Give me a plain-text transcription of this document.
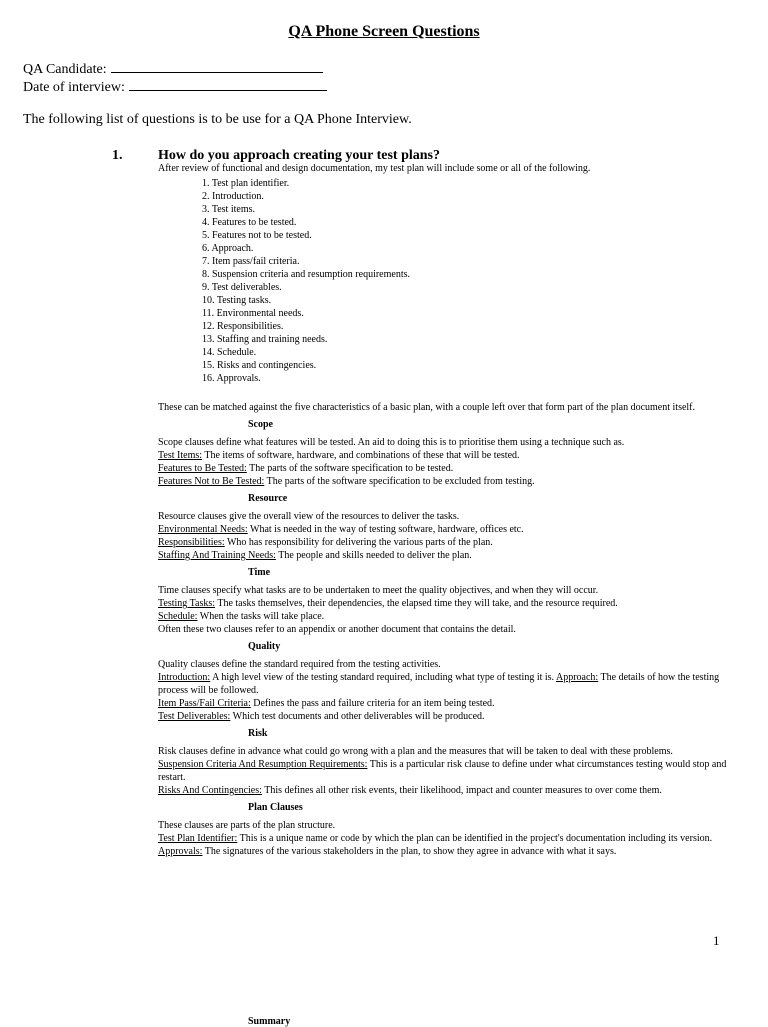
QA Phone Screen Questions
QA Candidate:
Date of interview:
The following list of questions is to be use for a QA Phone Interview.
1.	How do you approach creating your test plans?
After review of functional and design documentation, my test plan will include some or all of the following.
1. Test plan identifier.
2. Introduction.
3. Test items.
4. Features to be tested.
5. Features not to be tested.
6. Approach.
7. Item pass/fail criteria.
8. Suspension criteria and resumption requirements.
9. Test deliverables.
10. Testing tasks.
11. Environmental needs.
12. Responsibilities.
13. Staffing and training needs.
14. Schedule.
15. Risks and contingencies.
16. Approvals.

These can be matched against the five characteristics of a basic plan, with a couple left over that form part of the plan document itself.

Scope

Scope clauses define what features will be tested. An aid to doing this is to prioritise them using a technique such as.

Test Items: The items of software, hardware, and combinations of these that will be tested.

Features to Be Tested: The parts of the software specification to be tested.

Features Not to Be Tested: The parts of the software specification to be excluded from testing.

Resource

Resource clauses give the overall view of the resources to deliver the tasks.

Environmental Needs: What is needed in the way of testing software, hardware, offices etc.

Responsibilities: Who has responsibility for delivering the various parts of the plan.

Staffing And Training Needs: The people and skills needed to deliver the plan.

Time

Time clauses specify what tasks are to be undertaken to meet the quality objectives, and when they will occur.

Testing Tasks: The tasks themselves, their dependencies, the elapsed time they will take, and the resource required.

Schedule: When the tasks will take place.

Often these two clauses refer to an appendix or another document that contains the detail.

Quality

Quality clauses define the standard required from the testing activities.

Introduction: A high level view of the testing standard required, including what type of testing it is. Approach: The details of how the testing process will be followed.

Item Pass/Fail Criteria: Defines the pass and failure criteria for an item being tested.

Test Deliverables: Which test documents and other deliverables will be produced.

Risk

Risk clauses define in advance what could go wrong with a plan and the measures that will be taken to deal with these problems.

Suspension Criteria And Resumption Requirements: This is a particular risk clause to define under what circumstances testing would stop and restart.

Risks And Contingencies: This defines all other risk events, their likelihood, impact and counter measures to over come them.

Plan Clauses

These clauses are parts of the plan structure.

Test Plan Identifier: This is a unique name or code by which the plan can be identified in the project's documentation including its version.

Approvals: The signatures of the various stakeholders in the plan, to show they agree in advance with what it says.

1
Summary
